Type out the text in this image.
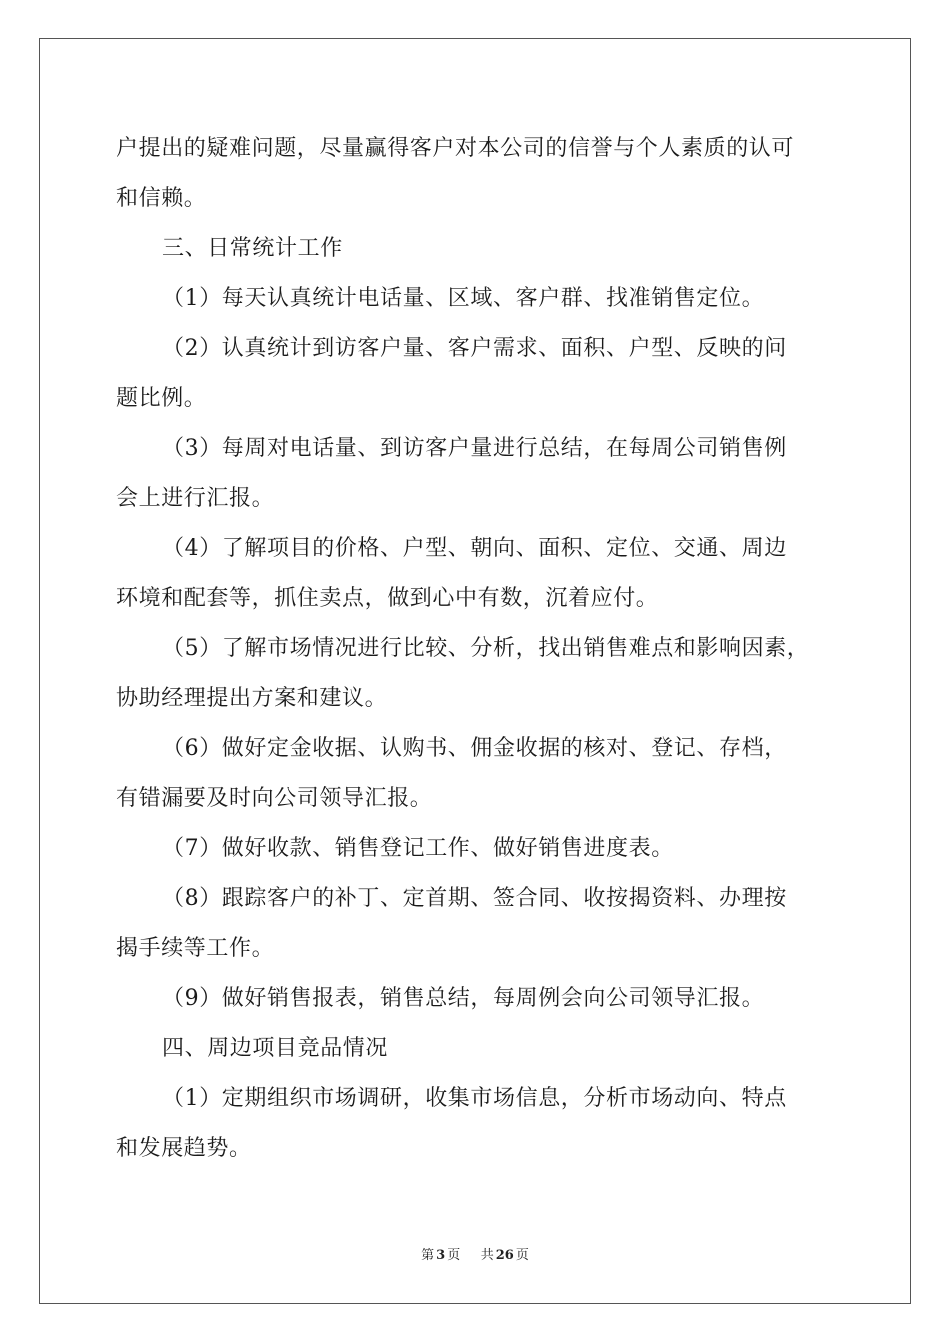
户提出的疑难问题，尽量赢得客户对本公司的信誉与个人素质的认可
和信赖。
三、日常统计工作
（1）每天认真统计电话量、区域、客户群、找准销售定位。
（2）认真统计到访客户量、客户需求、面积、户型、反映的问
题比例。
（3）每周对电话量、到访客户量进行总结，在每周公司销售例
会上进行汇报。
（4）了解项目的价格、户型、朝向、面积、定位、交通、周边
环境和配套等，抓住卖点，做到心中有数，沉着应付。
（5）了解市场情况进行比较、分析，找出销售难点和影响因素，
协助经理提出方案和建议。
（6）做好定金收据、认购书、佣金收据的核对、登记、存档，
有错漏要及时向公司领导汇报。
（7）做好收款、销售登记工作、做好销售进度表。
（8）跟踪客户的补丁、定首期、签合同、收按揭资料、办理按
揭手续等工作。
（9）做好销售报表，销售总结，每周例会向公司领导汇报。
四、周边项目竞品情况
（1）定期组织市场调研，收集市场信息，分析市场动向、特点
和发展趋势。
第 3 页 共 26 页
